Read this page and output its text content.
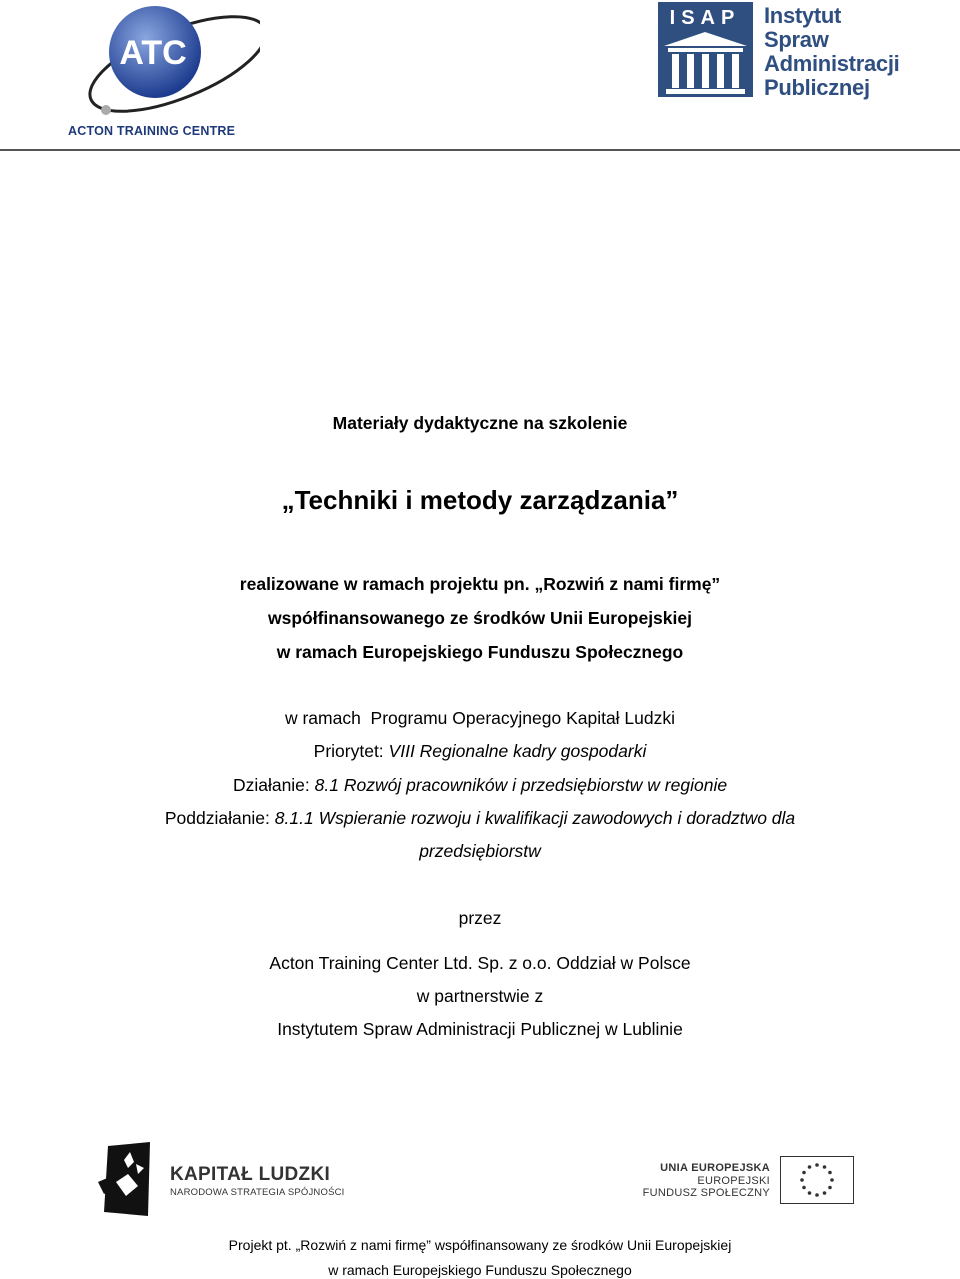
ATC
ACTON TRAINING CENTRE
ISAP Instytut
Spraw
Administracji
Publicznej
Materiały dydaktyczne na szkolenie
„Techniki i metody zarządzania”
realizowane w ramach projektu pn. „Rozwiń z nami firmę”
współfinansowanego ze środków Unii Europejskiej
w ramach Europejskiego Funduszu Społecznego
w ramach  Programu Operacyjnego Kapitał Ludzki
Priorytet: VIII Regionalne kadry gospodarki
Działanie: 8.1 Rozwój pracowników i przedsiębiorstw w regionie
Poddziałanie: 8.1.1 Wspieranie rozwoju i kwalifikacji zawodowych i doradztwo dla
przedsiębiorstw
przez
Acton Training Center Ltd. Sp. z o.o. Oddział w Polsce
w partnerstwie z
Instytutem Spraw Administracji Publicznej w Lublinie
KAPITAŁ LUDZKI
NARODOWA STRATEGIA SPÓJNOŚCI
UNIA EUROPEJSKA
EUROPEJSKI
FUNDUSZ SPOŁECZNY
Projekt pt. „Rozwiń z nami firmę” współfinansowany ze środków Unii Europejskiej
w ramach Europejskiego Funduszu Społecznego
